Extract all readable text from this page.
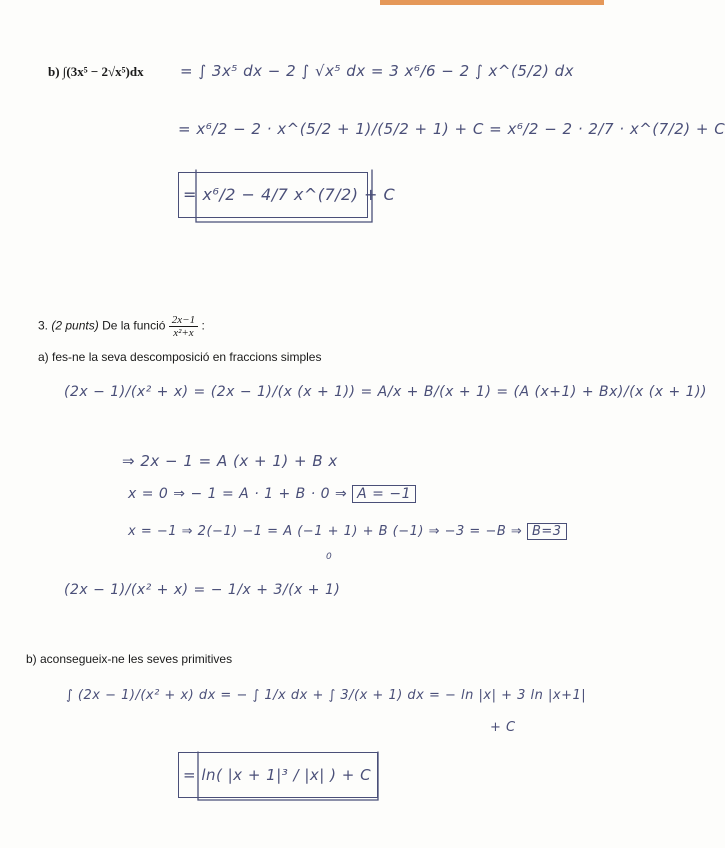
b) ∫(3x⁵ − 2√x⁵)dx = ∫ 3x⁵ dx − 2 ∫ √x⁵ dx = 3 x⁶/6 − 2 ∫ x^(5/2) dx
= x⁶/2 − 2 · x^(5/2 + 1)/(5/2 + 1) + C = x⁶/2 − 2 · 2/7 · x^(7/2) + C
= x⁶/2 − 4/7 x^(7/2) + C
3. (2 punts) De la funció $\frac{2x-1}{\text{x²+x}}$ :
a) fes-ne la seva descomposició en fraccions simples
(2x − 1)/(x² + x) = (2x − 1)/(x (x + 1)) = A/x + B/(x + 1) = (A (x+1) + Bx)/(x (x + 1))
⇒ 2x − 1 = A (x + 1) + B x
x = 0 ⇒ − 1 = A · 1 + B · 0 ⇒ A = −1
x = −1 ⇒ 2(−1) −1 = A (−1 + 1) + B (−1) ⇒ −3 = −B ⇒ B=3
0
(2x − 1)/(x² + x) = − 1/x + 3/(x + 1)
b) aconsegueix-ne les seves primitives
∫ (2x − 1)/(x² + x) dx = − ∫ 1/x dx + ∫ 3/(x + 1) dx = − ln |x| + 3 ln |x+1|
+ C
= ln( |x + 1|³ / |x| ) + C
